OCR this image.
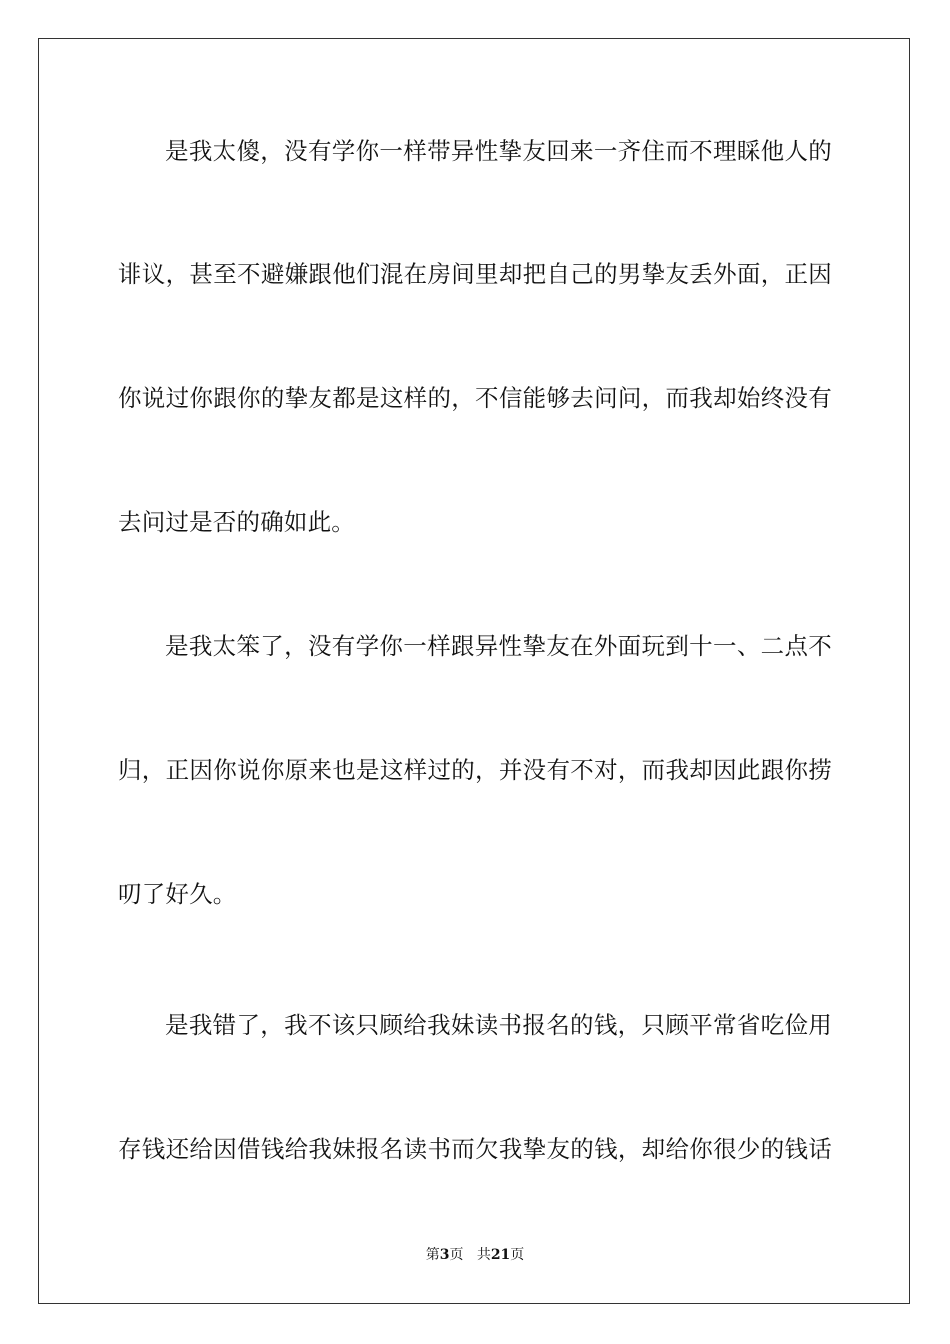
是我太傻，没有学你一样带异性挚友回来一齐住而不理睬他人的
诽议，甚至不避嫌跟他们混在房间里却把自己的男挚友丢外面，正因
你说过你跟你的挚友都是这样的，不信能够去问问，而我却始终没有
去问过是否的确如此。
是我太笨了，没有学你一样跟异性挚友在外面玩到十一、二点不
归，正因你说你原来也是这样过的，并没有不对，而我却因此跟你捞
叨了好久。
是我错了，我不该只顾给我妹读书报名的钱，只顾平常省吃俭用
存钱还给因借钱给我妹报名读书而欠我挚友的钱，却给你很少的钱话
第3页 共21页
